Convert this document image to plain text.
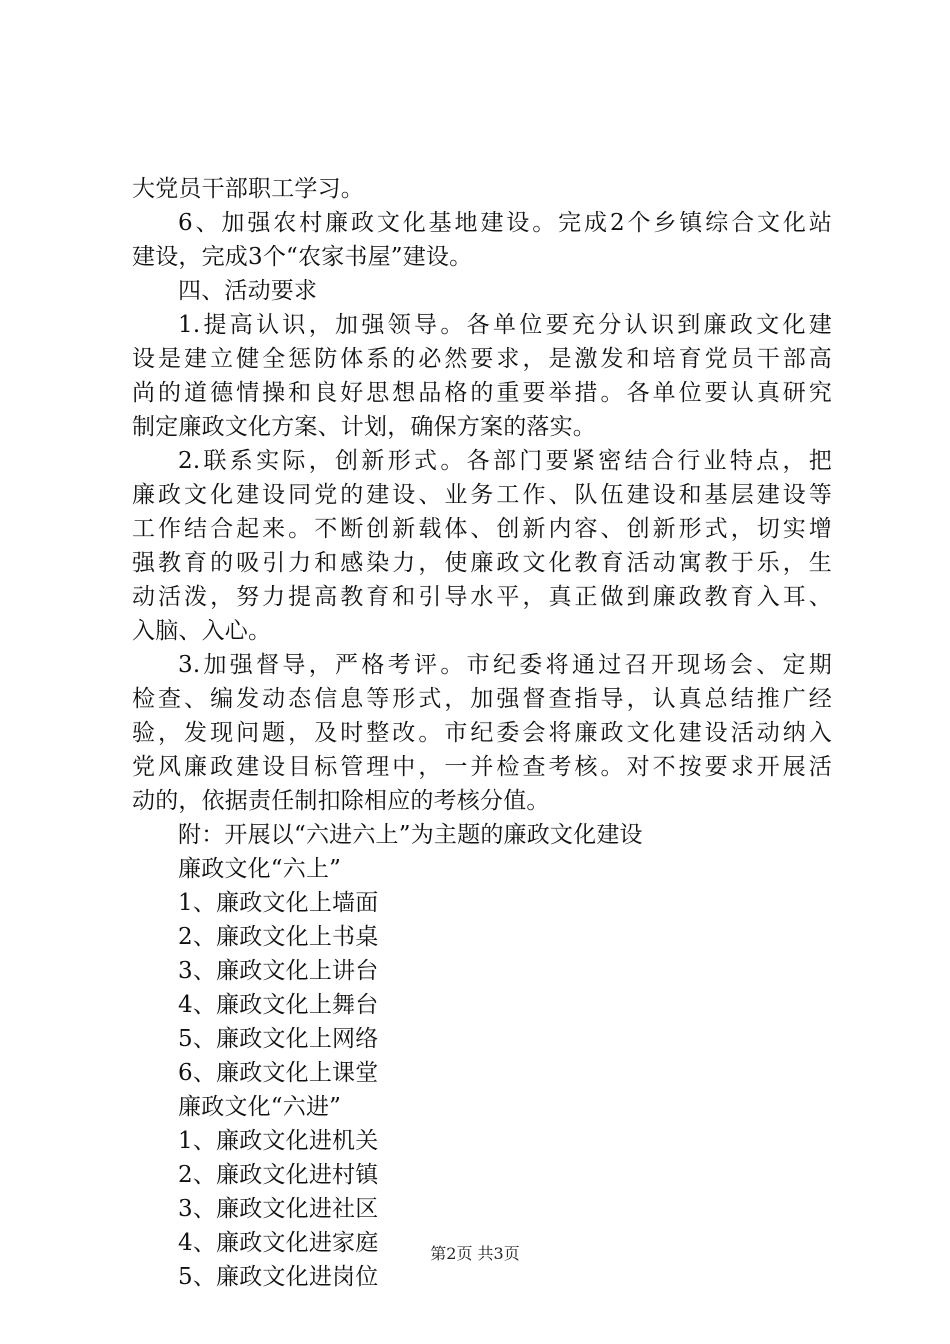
大党员干部职工学习。
6、加强农村廉政文化基地建设。完成2个乡镇综合文化站
建设，完成3个“农家书屋”建设。
四、活动要求
1.提高认识，加强领导。各单位要充分认识到廉政文化建
设是建立健全惩防体系的必然要求，是激发和培育党员干部高
尚的道德情操和良好思想品格的重要举措。各单位要认真研究
制定廉政文化方案、计划，确保方案的落实。
2.联系实际，创新形式。各部门要紧密结合行业特点，把
廉政文化建设同党的建设、业务工作、队伍建设和基层建设等
工作结合起来。不断创新载体、创新内容、创新形式，切实增
强教育的吸引力和感染力，使廉政文化教育活动寓教于乐，生
动活泼，努力提高教育和引导水平，真正做到廉政教育入耳、
入脑、入心。
3.加强督导，严格考评。市纪委将通过召开现场会、定期
检查、编发动态信息等形式，加强督查指导，认真总结推广经
验，发现问题，及时整改。市纪委会将廉政文化建设活动纳入
党风廉政建设目标管理中，一并检查考核。对不按要求开展活
动的，依据责任制扣除相应的考核分值。
附：开展以“六进六上”为主题的廉政文化建设
廉政文化“六上”
1、廉政文化上墙面
2、廉政文化上书桌
3、廉政文化上讲台
4、廉政文化上舞台
5、廉政文化上网络
6、廉政文化上课堂
廉政文化“六进”
1、廉政文化进机关
2、廉政文化进村镇
3、廉政文化进社区
4、廉政文化进家庭
5、廉政文化进岗位
第2页 共3页
